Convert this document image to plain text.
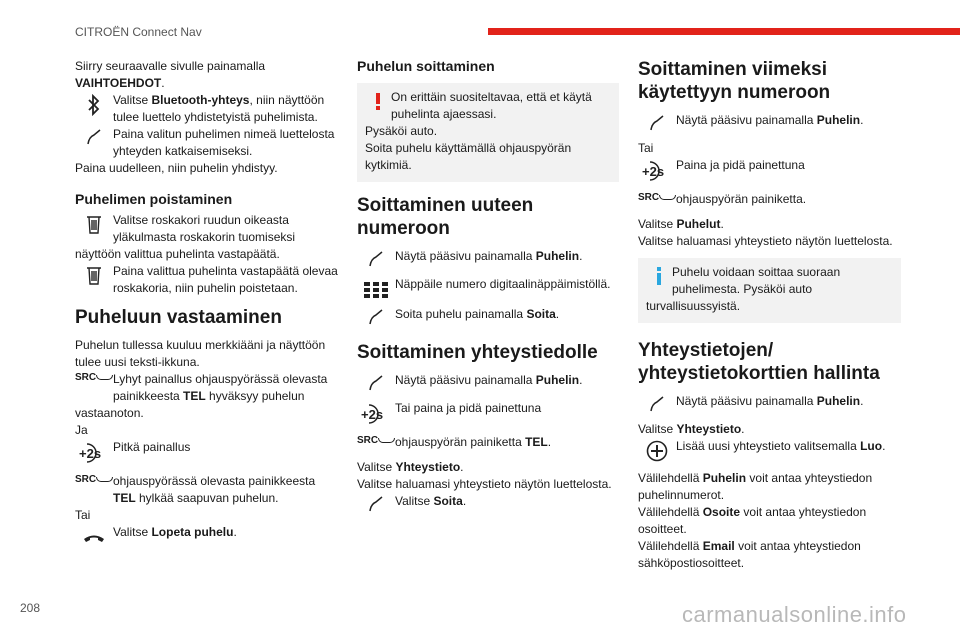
CITROËN Connect Nav

Siirry seuraavalle sivulle painamalla
VAIHTOEHDOT.

Valitse Bluetooth-yhteys, niin näyttöön tulee luettelo yhdistetyistä puhelimista.

Paina valitun puhelimen nimeä luettelosta yhteyden katkaisemiseksi.

Paina uudelleen, niin puhelin yhdistyy.

Puhelimen poistaminen

Valitse roskakori ruudun oikeasta yläkulmasta roskakorin tuomiseksi

näyttöön valittua puhelinta vastapäätä.

Paina valittua puhelinta vastapäätä olevaa roskakoria, niin puhelin poistetaan.

Puheluun vastaaminen

Puhelun tullessa kuuluu merkkiääni ja näyttöön tulee uusi teksti-ikkuna.

SRC Lyhyt painallus ohjauspyörässä olevasta painikkeesta TEL hyväksyy puhelun

vastaanoton.

Ja

+2s Pitkä painallus

SRC ohjauspyörässä olevasta painikkeesta TEL hylkää saapuvan puhelun.

Tai

Valitse Lopeta puhelu.

Puhelun soittaminen

On erittäin suositeltavaa, että et käytä puhelinta ajaessasi.

Pysäköi auto.

Soita puhelu käyttämällä ohjauspyörän kytkimiä.

Soittaminen uuteen numeroon

Näytä pääsivu painamalla Puhelin.

Näppäile numero digitaalinäppäimistöllä.

Soita puhelu painamalla Soita.

Soittaminen yhteystiedolle

Näytä pääsivu painamalla Puhelin.

+2s Tai paina ja pidä painettuna

SRC ohjauspyörän painiketta TEL.

Valitse Yhteystieto.

Valitse haluamasi yhteystieto näytön luettelosta.

Valitse Soita.

Soittaminen viimeksi käytettyyn numeroon

Näytä pääsivu painamalla Puhelin.

Tai

+2s Paina ja pidä painettuna

SRC ohjauspyörän painiketta.

Valitse Puhelut.

Valitse haluamasi yhteystieto näytön luettelosta.

Puhelu voidaan soittaa suoraan puhelimesta. Pysäköi auto

turvallisuussyistä.

Yhteystietojen/ yhteystietokorttien hallinta

Näytä pääsivu painamalla Puhelin.

Valitse Yhteystieto.

Lisää uusi yhteystieto valitsemalla Luo.

Välilehdellä Puhelin voit antaa yhteystiedon puhelinnumerot.

Välilehdellä Osoite voit antaa yhteystiedon osoitteet.

Välilehdellä Email voit antaa yhteystiedon sähköpostiosoitteet.

208	carmanualsonline.info
